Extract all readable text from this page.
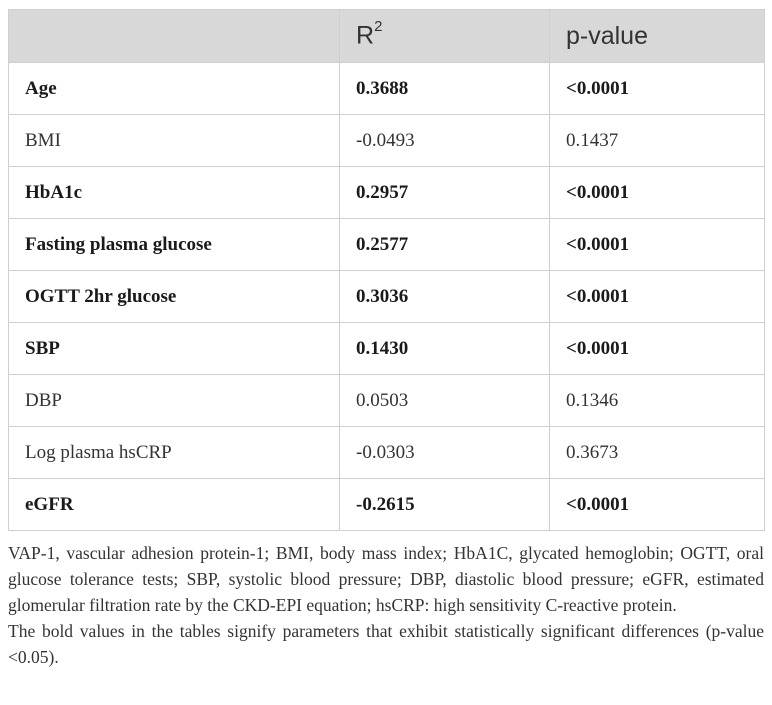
	$R^2$	p-value
Age	0.3688	<0.0001
BMI	-0.0493	0.1437
HbA1c	0.2957	<0.0001
Fasting plasma glucose	0.2577	<0.0001
OGTT 2hr glucose	0.3036	<0.0001
SBP	0.1430	<0.0001
DBP	0.0503	0.1346
Log plasma hsCRP	-0.0303	0.3673
eGFR	-0.2615	<0.0001

VAP-1, vascular adhesion protein-1; BMI, body mass index; HbA1C, glycated hemoglobin; OGTT, oral glucose tolerance tests; SBP, systolic blood pressure; DBP, diastolic blood pressure; eGFR, estimated glomerular filtration rate by the CKD-EPI equation; hsCRP: high sensitivity C-reactive protein.

The bold values in the tables signify parameters that exhibit statistically significant differences (p-value <0.05).
